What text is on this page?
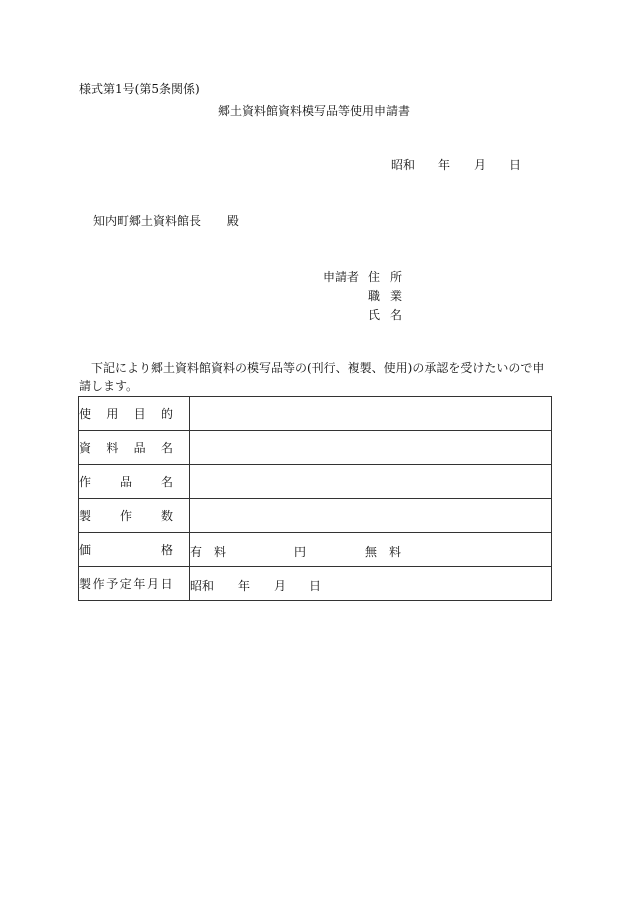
様式第1号(第5条関係)
郷土資料館資料模写品等使用申請書
昭和 年 月 日
知内町郷土資料館長 殿
申請者 住 所
職 業
氏 名
下記により郷土資料館資料の模写品等の(刊行、複製、使用)の承認を受けたいので申請します。
使 用 目 的	

資 料 品 名	

作 品 名	

製 作 数	

価 格	有　料 円 無　料

製作予定年月日	昭和 年 月 日
